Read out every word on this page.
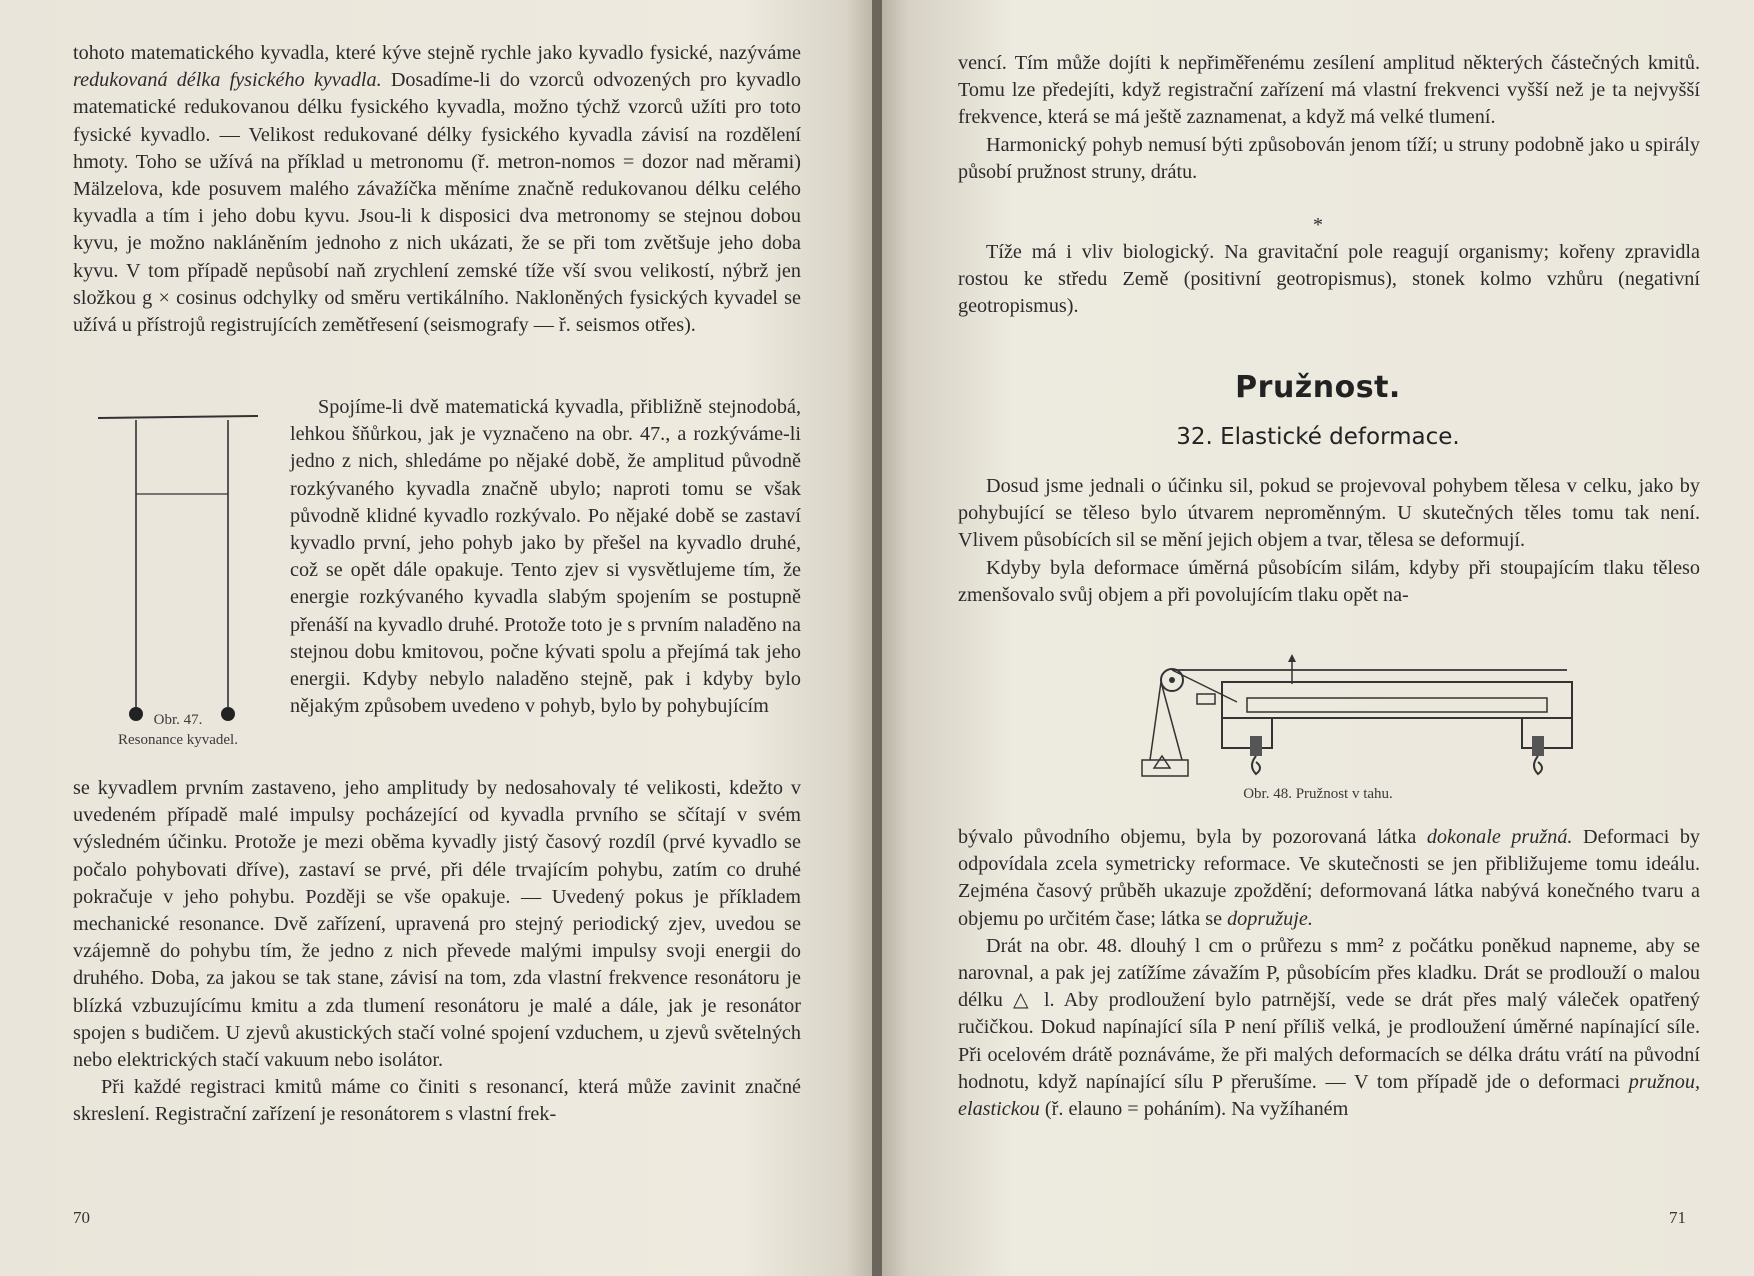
tohoto matematického kyvadla, které kýve stejně rychle jako kyvadlo fysické, nazýváme redukovaná délka fysického kyvadla. Dosadíme-li do vzorců odvozených pro kyvadlo matematické redukovanou délku fysického kyvadla, možno týchž vzorců užíti pro toto fysické kyvadlo. — Velikost redukované délky fysického kyvadla závisí na rozdělení hmoty. Toho se užívá na příklad u metronomu (ř. metron-nomos = dozor nad měrami) Mälzelova, kde posuvem malého závažíčka měníme značně redukovanou délku celého kyvadla a tím i jeho dobu kyvu. Jsou-li k disposici dva metronomy se stejnou dobou kyvu, je možno nakláněním jednoho z nich ukázati, že se při tom zvětšuje jeho doba kyvu. V tom případě nepůsobí naň zrychlení zemské tíže vší svou velikostí, nýbrž jen složkou g × cosinus odchylky od směru vertikálního. Nakloněných fysických kyvadel se užívá u přístrojů registrujících zemětřesení (seismografy — ř. seismos otřes).

Obr. 47.
Resonance kyvadel.

Spojíme-li dvě matematická kyvadla, přibližně stejnodobá, lehkou šňůrkou, jak je vyznačeno na obr. 47., a rozkýváme-li jedno z nich, shledáme po nějaké době, že amplitud původně rozkývaného kyvadla značně ubylo; naproti tomu se však původně klidné kyvadlo rozkývalo. Po nějaké době se zastaví kyvadlo první, jeho pohyb jako by přešel na kyvadlo druhé, což se opět dále opakuje. Tento zjev si vysvětlujeme tím, že energie rozkývaného kyvadla slabým spojením se postupně přenáší na kyvadlo druhé. Protože toto je s prvním naladěno na stejnou dobu kmitovou, počne kývati spolu a přejímá tak jeho energii. Kdyby nebylo naladěno stejně, pak i kdyby bylo nějakým způsobem uvedeno v pohyb, bylo by pohybujícím

se kyvadlem prvním zastaveno, jeho amplitudy by nedosahovaly té velikosti, kdežto v uvedeném případě malé impulsy pocházející od kyvadla prvního se sčítají v svém výsledném účinku. Protože je mezi oběma kyvadly jistý časový rozdíl (prvé kyvadlo se počalo pohybovati dříve), zastaví se prvé, při déle trvajícím pohybu, zatím co druhé pokračuje v jeho pohybu. Později se vše opakuje. — Uvedený pokus je příkladem mechanické resonance. Dvě zařízení, upravená pro stejný periodický zjev, uvedou se vzájemně do pohybu tím, že jedno z nich převede malými impulsy svoji energii do druhého. Doba, za jakou se tak stane, závisí na tom, zda vlastní frekvence resonátoru je blízká vzbuzujícímu kmitu a zda tlumení resonátoru je malé a dále, jak je resonátor spojen s budičem. U zjevů akustických stačí volné spojení vzduchem, u zjevů světelných nebo elektrických stačí vakuum nebo isolátor.

Při každé registraci kmitů máme co činiti s resonancí, která může zavinit značné skreslení. Registrační zařízení je resonátorem s vlastní frek-

70

vencí. Tím může dojíti k nepřiměřenému zesílení amplitud některých částečných kmitů. Tomu lze předejíti, když registrační zařízení má vlastní frekvenci vyšší než je ta nejvyšší frekvence, která se má ještě zaznamenat, a když má velké tlumení.

Harmonický pohyb nemusí býti způsobován jenom tíží; u struny podobně jako u spirály působí pružnost struny, drátu.

*

Tíže má i vliv biologický. Na gravitační pole reagují organismy; kořeny zpravidla rostou ke středu Země (positivní geotropismus), stonek kolmo vzhůru (negativní geotropismus).

Pružnost.
32. Elastické deformace.

Dosud jsme jednali o účinku sil, pokud se projevoval pohybem tělesa v celku, jako by pohybující se těleso bylo útvarem neproměnným. U skutečných těles tomu tak není. Vlivem působících sil se mění jejich objem a tvar, tělesa se deformují.

Kdyby byla deformace úměrná působícím silám, kdyby při stoupajícím tlaku těleso zmenšovalo svůj objem a při povolujícím tlaku opět na-

Obr. 48. Pružnost v tahu.

bývalo původního objemu, byla by pozorovaná látka dokonale pružná. Deformaci by odpovídala zcela symetricky reformace. Ve skutečnosti se jen přibližujeme tomu ideálu. Zejména časový průběh ukazuje zpoždění; deformovaná látka nabývá konečného tvaru a objemu po určitém čase; látka se dopružuje.

Drát na obr. 48. dlouhý l cm o průřezu s mm² z počátku poněkud napneme, aby se narovnal, a pak jej zatížíme závažím P, působícím přes kladku. Drát se prodlouží o malou délku △ l. Aby prodloužení bylo patrnější, vede se drát přes malý váleček opatřený ručičkou. Dokud napínající síla P není příliš velká, je prodloužení úměrné napínající síle. Při ocelovém drátě poznáváme, že při malých deformacích se délka drátu vrátí na původní hodnotu, když napínající sílu P přerušíme. — V tom případě jde o deformaci pružnou, elastickou (ř. elauno = poháním). Na vyžíhaném

71
